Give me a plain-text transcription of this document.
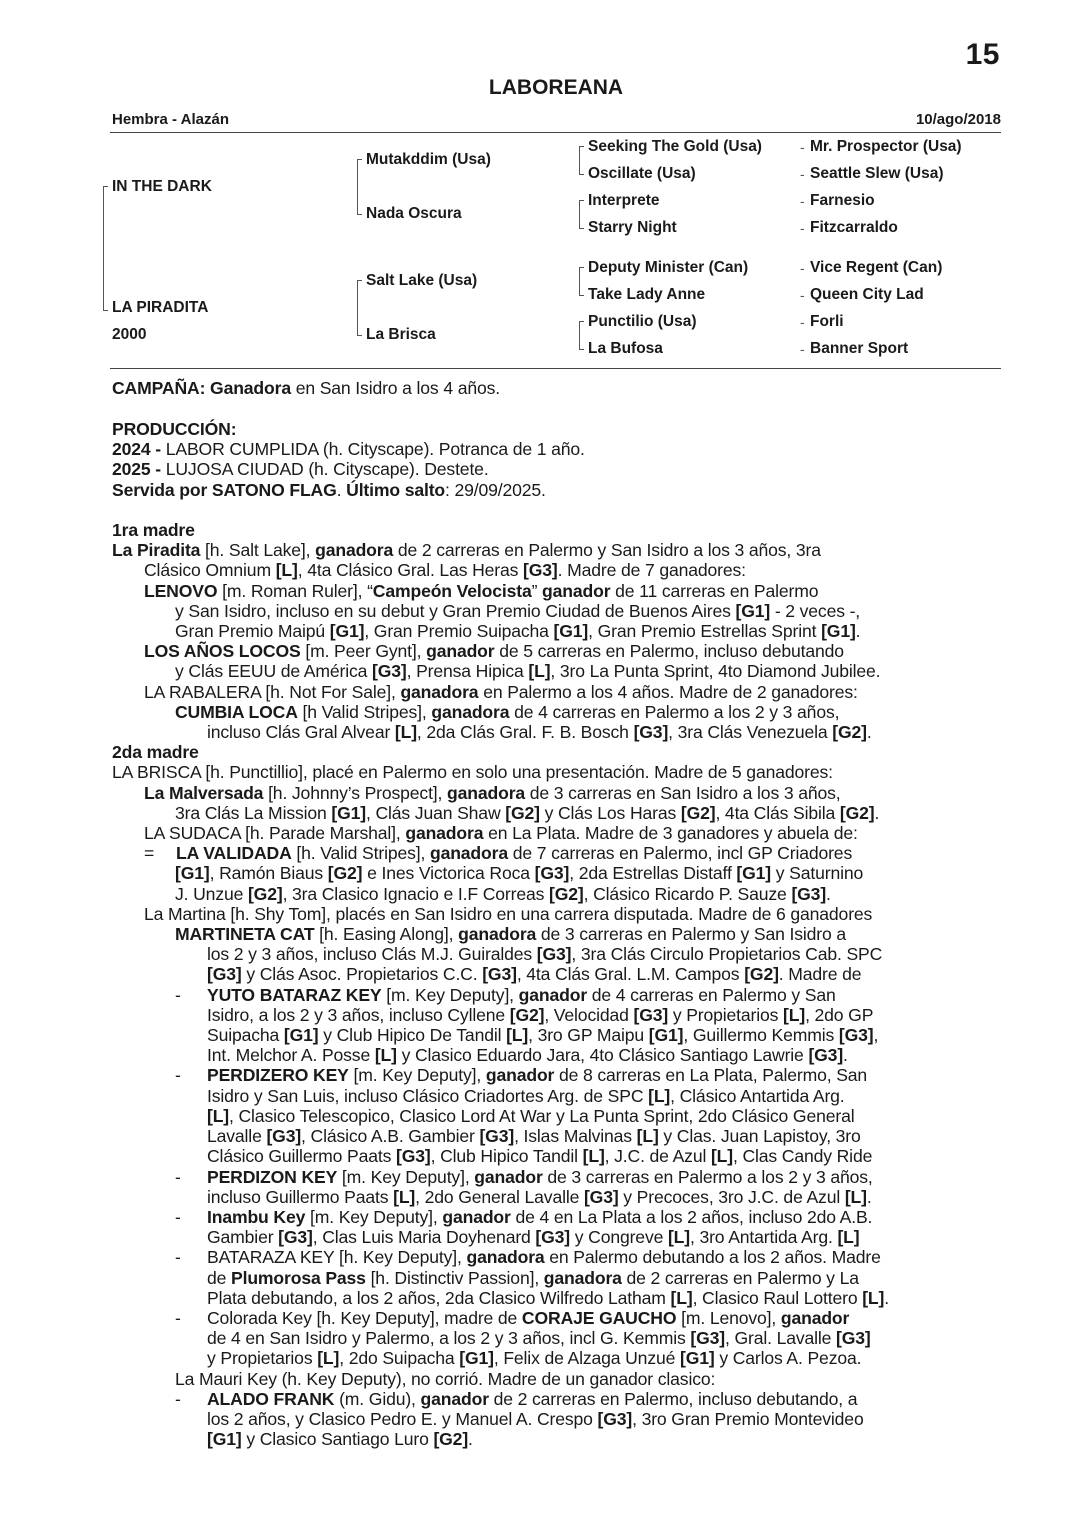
15
LABOREANA
Hembra - Alazán	10/ago/2018
IN THE DARK
LA PIRADITA
2000
Mutakddim (Usa)
Nada Oscura
Salt Lake (Usa)
La Brisca
Seeking The Gold (Usa)
Oscillate (Usa)
Interprete
Starry Night
Deputy Minister (Can)
Take Lady Anne
Punctilio (Usa)
La Bufosa
-
-
-
-
-
-
-
-
Mr. Prospector (Usa)
Seattle Slew (Usa)
Farnesio
Fitzcarraldo
Vice Regent (Can)
Queen City Lad
Forli
Banner Sport
CAMPAÑA: Ganadora en San Isidro a los 4 años.
PRODUCCIÓN:
2024 - LABOR CUMPLIDA (h. Cityscape). Potranca de 1 año.
2025 - LUJOSA CIUDAD (h. Cityscape). Destete.
Servida por SATONO FLAG. Último salto: 29/09/2025.
1ra madre
La Piradita [h. Salt Lake], ganadora de 2 carreras en Palermo y San Isidro a los 3 años, 3ra
Clásico Omnium [L], 4ta Clásico Gral. Las Heras [G3]. Madre de 7 ganadores:
LENOVO [m. Roman Ruler], “Campeón Velocista” ganador de 11 carreras en Palermo
y San Isidro, incluso en su debut y Gran Premio Ciudad de Buenos Aires [G1] - 2 veces -,
Gran Premio Maipú [G1], Gran Premio Suipacha [G1], Gran Premio Estrellas Sprint [G1].
LOS AÑOS LOCOS [m. Peer Gynt], ganador de 5 carreras en Palermo, incluso debutando
y Clás EEUU de América [G3], Prensa Hipica [L], 3ro La Punta Sprint, 4to Diamond Jubilee.
LA RABALERA [h. Not For Sale], ganadora en Palermo a los 4 años. Madre de 2 ganadores:
CUMBIA LOCA [h Valid Stripes], ganadora de 4 carreras en Palermo a los 2 y 3 años,
incluso Clás Gral Alvear [L], 2da Clás Gral. F. B. Bosch [G3], 3ra Clás Venezuela [G2].
2da madre
LA BRISCA [h. Punctillio], placé en Palermo en solo una presentación. Madre de 5 ganadores:
La Malversada [h. Johnny’s Prospect], ganadora de 3 carreras en San Isidro a los 3 años,
3ra Clás La Mission [G1], Clás Juan Shaw [G2] y Clás Los Haras [G2], 4ta Clás Sibila [G2].
LA SUDACA [h. Parade Marshal], ganadora en La Plata. Madre de 3 ganadores y abuela de:
= LA VALIDADA [h. Valid Stripes], ganadora de 7 carreras en Palermo, incl GP Criadores
[G1], Ramón Biaus [G2] e Ines Victorica Roca [G3], 2da Estrellas Distaff [G1] y Saturnino
J. Unzue [G2], 3ra Clasico Ignacio e I.F Correas [G2], Clásico Ricardo P. Sauze [G3].
La Martina [h. Shy Tom], placés en San Isidro en una carrera disputada. Madre de 6 ganadores
MARTINETA CAT [h. Easing Along], ganadora de 3 carreras en Palermo y San Isidro a
los 2 y 3 años, incluso Clás M.J. Guiraldes [G3], 3ra Clás Circulo Propietarios Cab. SPC
[G3] y Clás Asoc. Propietarios C.C. [G3], 4ta Clás Gral. L.M. Campos [G2]. Madre de
- YUTO BATARAZ KEY [m. Key Deputy], ganador de 4 carreras en Palermo y San
Isidro, a los 2 y 3 años, incluso Cyllene [G2], Velocidad [G3] y Propietarios [L], 2do GP
Suipacha [G1] y Club Hipico De Tandil [L], 3ro GP Maipu [G1], Guillermo Kemmis [G3],
Int. Melchor A. Posse [L] y Clasico Eduardo Jara, 4to Clásico Santiago Lawrie [G3].
- PERDIZERO KEY [m. Key Deputy], ganador de 8 carreras en La Plata, Palermo, San
Isidro y San Luis, incluso Clásico Criadortes Arg. de SPC [L], Clásico Antartida Arg.
[L], Clasico Telescopico, Clasico Lord At War y La Punta Sprint, 2do Clásico General
Lavalle [G3], Clásico A.B. Gambier [G3], Islas Malvinas [L] y Clas. Juan Lapistoy, 3ro
Clásico Guillermo Paats [G3], Club Hipico Tandil [L], J.C. de Azul [L], Clas Candy Ride
- PERDIZON KEY [m. Key Deputy], ganador de 3 carreras en Palermo a los 2 y 3 años,
incluso Guillermo Paats [L], 2do General Lavalle [G3] y Precoces, 3ro J.C. de Azul [L].
- Inambu Key [m. Key Deputy], ganador de 4 en La Plata a los 2 años, incluso 2do A.B.
Gambier [G3], Clas Luis Maria Doyhenard [G3] y Congreve [L], 3ro Antartida Arg. [L]
- BATARAZA KEY [h. Key Deputy], ganadora en Palermo debutando a los 2 años. Madre
de Plumorosa Pass [h. Distinctiv Passion], ganadora de 2 carreras en Palermo y La
Plata debutando, a los 2 años, 2da Clasico Wilfredo Latham [L], Clasico Raul Lottero [L].
- Colorada Key [h. Key Deputy], madre de CORAJE GAUCHO [m. Lenovo], ganador
de 4 en San Isidro y Palermo, a los 2 y 3 años, incl G. Kemmis [G3], Gral. Lavalle [G3]
y Propietarios [L], 2do Suipacha [G1], Felix de Alzaga Unzué [G1] y Carlos A. Pezoa.
La Mauri Key (h. Key Deputy), no corrió. Madre de un ganador clasico:
- ALADO FRANK (m. Gidu), ganador de 2 carreras en Palermo, incluso debutando, a
los 2 años, y Clasico Pedro E. y Manuel A. Crespo [G3], 3ro Gran Premio Montevideo
[G1] y Clasico Santiago Luro [G2].
